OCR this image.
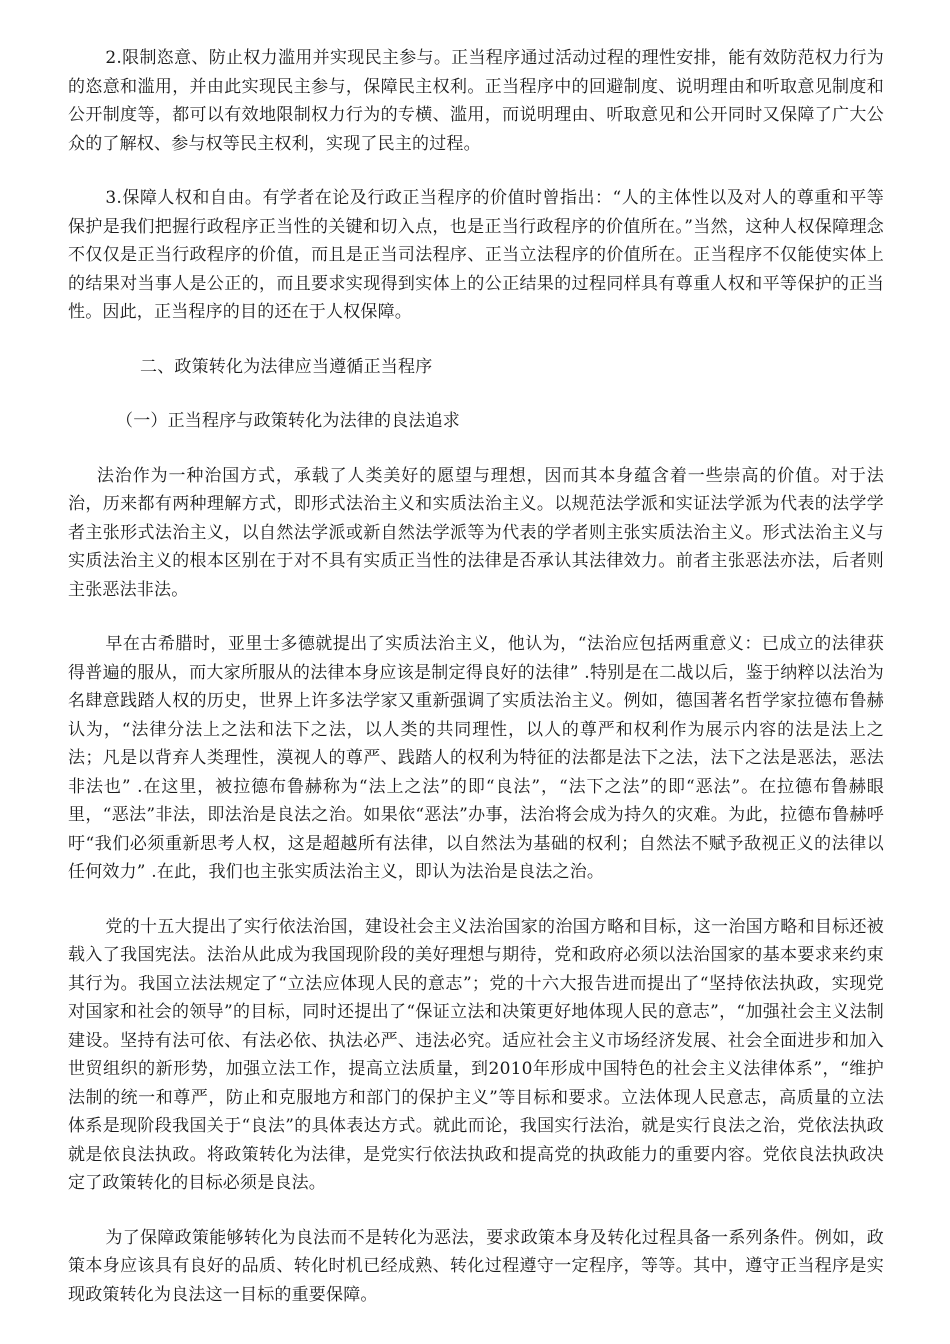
2.限制恣意、防止权力滥用并实现民主参与。正当程序通过活动过程的理性安排，能有效防范权力行为的恣意和滥用，并由此实现民主参与，保障民主权利。正当程序中的回避制度、说明理由和听取意见制度和公开制度等，都可以有效地限制权力行为的专横、滥用，而说明理由、听取意见和公开同时又保障了广大公众的了解权、参与权等民主权利，实现了民主的过程。

3.保障人权和自由。有学者在论及行政正当程序的价值时曾指出：“人的主体性以及对人的尊重和平等保护是我们把握行政程序正当性的关键和切入点，也是正当行政程序的价值所在。”当然，这种人权保障理念不仅仅是正当行政程序的价值，而且是正当司法程序、正当立法程序的价值所在。正当程序不仅能使实体上的结果对当事人是公正的，而且要求实现得到实体上的公正结果的过程同样具有尊重人权和平等保护的正当性。因此，正当程序的目的还在于人权保障。

二、政策转化为法律应当遵循正当程序

（一）正当程序与政策转化为法律的良法追求

法治作为一种治国方式，承载了人类美好的愿望与理想，因而其本身蕴含着一些崇高的价值。对于法治，历来都有两种理解方式，即形式法治主义和实质法治主义。以规范法学派和实证法学派为代表的法学学者主张形式法治主义，以自然法学派或新自然法学派等为代表的学者则主张实质法治主义。形式法治主义与实质法治主义的根本区别在于对不具有实质正当性的法律是否承认其法律效力。前者主张恶法亦法，后者则主张恶法非法。

早在古希腊时，亚里士多德就提出了实质法治主义，他认为，“法治应包括两重意义：已成立的法律获得普遍的服从，而大家所服从的法律本身应该是制定得良好的法律” .特别是在二战以后，鉴于纳粹以法治为名肆意践踏人权的历史，世界上许多法学家又重新强调了实质法治主义。例如，德国著名哲学家拉德布鲁赫认为，“法律分法上之法和法下之法，以人类的共同理性，以人的尊严和权利作为展示内容的法是法上之法；凡是以背弃人类理性，漠视人的尊严、践踏人的权利为特征的法都是法下之法，法下之法是恶法，恶法非法也” .在这里，被拉德布鲁赫称为“法上之法”的即“良法”，“法下之法”的即“恶法”。在拉德布鲁赫眼里，“恶法”非法，即法治是良法之治。如果依“恶法”办事，法治将会成为持久的灾难。为此，拉德布鲁赫呼吁“我们必须重新思考人权，这是超越所有法律，以自然法为基础的权利；自然法不赋予敌视正义的法律以任何效力” .在此，我们也主张实质法治主义，即认为法治是良法之治。

党的十五大提出了实行依法治国，建设社会主义法治国家的治国方略和目标，这一治国方略和目标还被载入了我国宪法。法治从此成为我国现阶段的美好理想与期待，党和政府必须以法治国家的基本要求来约束其行为。我国立法法规定了“立法应体现人民的意志”；党的十六大报告进而提出了“坚持依法执政，实现党对国家和社会的领导”的目标，同时还提出了“保证立法和决策更好地体现人民的意志”，“加强社会主义法制建设。坚持有法可依、有法必依、执法必严、违法必究。适应社会主义市场经济发展、社会全面进步和加入世贸组织的新形势，加强立法工作，提高立法质量，到2010年形成中国特色的社会主义法律体系”，“维护法制的统一和尊严，防止和克服地方和部门的保护主义”等目标和要求。立法体现人民意志，高质量的立法体系是现阶段我国关于“良法”的具体表达方式。就此而论，我国实行法治，就是实行良法之治，党依法执政就是依良法执政。将政策转化为法律，是党实行依法执政和提高党的执政能力的重要内容。党依良法执政决定了政策转化的目标必须是良法。

为了保障政策能够转化为良法而不是转化为恶法，要求政策本身及转化过程具备一系列条件。例如，政策本身应该具有良好的品质、转化时机已经成熟、转化过程遵守一定程序，等等。其中，遵守正当程序是实现政策转化为良法这一目标的重要保障。
